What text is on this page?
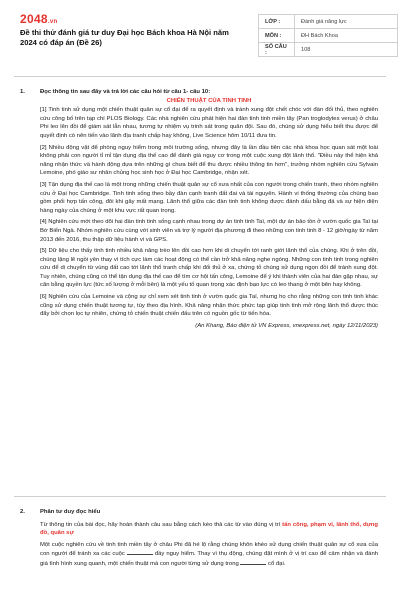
2048.vn
Đề thi thử đánh giá tư duy Đại học Bách khoa Hà Nội năm 2024 có đáp án (Đề 26)
LỚP :	Đánh giá năng lực
MÔN :	ĐH Bách Khoa
SỐ CÂU :	108
1.	Đọc thông tin sau đây và trả lời các câu hỏi từ câu 1- câu 10:
CHIẾN THUẬT CỦA TINH TINH
[1] Tinh tinh sử dụng một chiến thuật quân sự cổ đại để ra quyết định và tránh xung đột chết chóc với đàn đối thủ, theo nghiên cứu công bố trên tạp chí PLOS Biology. Các nhà nghiên cứu phát hiện hai đàn tinh tinh miền tây (Pan troglodytes verus) ở châu Phi leo lên đồi để giám sát lẫn nhau, tương tự nhiệm vụ trinh sát trong quân đội. Sau đó, chúng sử dụng hiểu biết thu được để quyết định có nên tiến vào lãnh địa tranh chấp hay không, Live Science hôm 10/11 đưa tin.
[2] Nhiều động vật để phòng nguy hiểm trong môi trường sống, nhưng đây là lần đầu tiên các nhà khoa học quan sát một loài không phải con người tỉ mỉ tận dụng địa thế cao để đánh giá nguy cơ trong một cuộc xung đột lãnh thổ. "Điều này thể hiện khả năng nhận thức và hành động dựa trên những gì chưa biết để thu được nhiều thông tin hơn", trưởng nhóm nghiên cứu Sylvain Lemoine, phó giáo sư nhân chủng học sinh học ở Đại học Cambridge, nhận xét.
[3] Tận dụng địa thế cao là một trong những chiến thuật quân sự cổ xưa nhất của con người trong chiến tranh, theo nhóm nghiên cứu ở Đại học Cambridge. Tinh tinh sống theo bầy đàn cạnh tranh đất đai và tài nguyên. Hành vi thống thường của chúng bao gồm phối hợp tấn công, đôi khi gây mất mạng. Lãnh thổ giữa các đàn tinh tinh không được đánh dấu bằng đá và sự hiện diện hàng ngày của chúng ở một khu vực rất quan trọng.
[4] Nghiên cứu mới theo dõi hai đàn tinh tinh sống cạnh nhau trong dự án tinh tinh Taï, một dự án bảo tồn ở vườn quốc gia Taï tại Bờ Biển Ngà. Nhóm nghiên cứu cùng với sinh viên và trợ lý người địa phương đi theo những con tinh tinh 8 - 12 giờ/ngày từ năm 2013 đến 2016, thu thập dữ liệu hành vi và GPS.
[5] Dữ liệu cho thấy tinh tinh nhiều khả năng trèo lên đồi cao hơn khi di chuyển tới ranh giới lãnh thổ của chúng. Khi ở trên đồi, chúng lặng lẽ ngồi yên thay vì tích cực làm các hoạt động có thể cần trở khả năng nghe ngóng. Những con tinh tinh trong nghiên cứu để di chuyển từ vùng đất cao tới lãnh thổ tranh chấp khi đối thủ ở xa, chứng tỏ chúng sử dụng ngọn đồi để tránh xung đột. Tuy nhiên, chúng cũng có thể tận dụng địa thế cao để tìm cơ hội tấn công, Lemoine để ý khi thành viên của hai đàn gặp nhau, sự cân bằng quyền lực (tức số lượng ở mỗi bên) là một yếu tố quan trọng xác định bạo lực có leo thang ở một bên hay không.
[6] Nghiên cứu của Lemoine và cộng sự chỉ xem xét tinh tinh ở vườn quốc gia Taï, nhưng họ cho rằng những con tinh tinh khác cũng sử dụng chiến thuật tương tự, tùy theo địa hình. Khả năng nhận thức phức tạp giúp tinh tinh mở rộng lãnh thổ được thúc đẩy bởi chọn lọc tự nhiên, chứng tỏ chiến thuật chiến đấu trên có nguồn gốc từ tiến hóa.
(An Khang, Báo điện tử VN Express, vnexpress.net, ngày 12/11/2023)
2.	Phân tư duy đọc hiểu
Từ thông tin của bài đọc, hãy hoàn thành câu sau bằng cách kéo thả các từ vào đúng vị trí tấn công, phạm vi, lãnh thổ, dựng đồ, quân sự
Một cuộc nghiên cứu về tinh tinh miền tây ở châu Phi đã hé lộ rằng chúng khôn khéo sử dụng chiến thuật quân sự cổ xưa của con người để tránh xa các cuộc	đầy nguy hiểm. Thay vì thụ động, chúng đặt mình ở vị trí cao để cảm nhận và đánh giá tình hình xung quanh, một chiến thuật mà con người từng sử dụng trong	cổ đại.
